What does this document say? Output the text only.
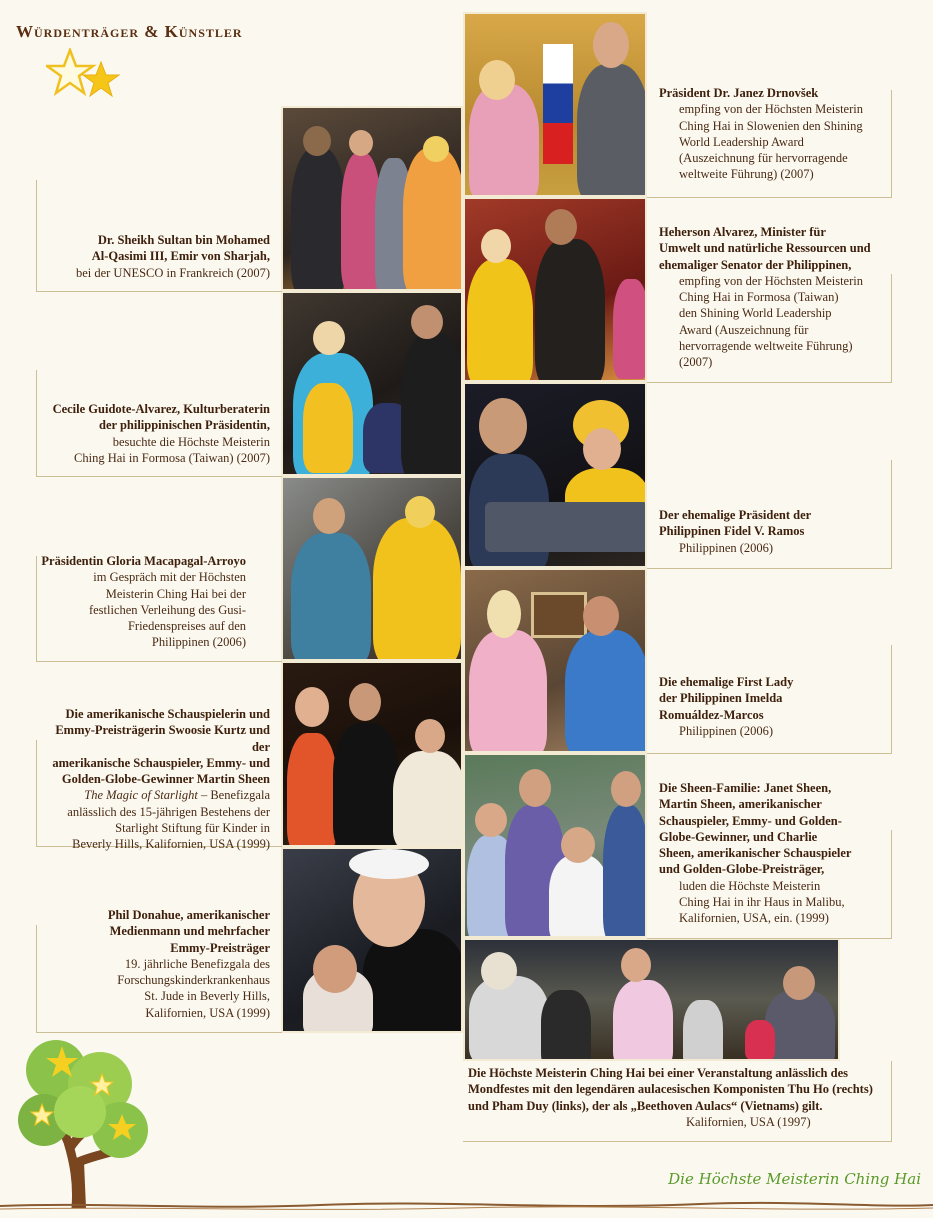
Würdenträger & Künstler
Dr. Sheikh Sultan bin Mohamed
Al-Qasimi III, Emir von Sharjah,
bei der UNESCO in Frankreich (2007)
Cecile Guidote-Alvarez, Kulturberaterin
der philippinischen Präsidentin,
besuchte die Höchste Meisterin
Ching Hai in Formosa (Taiwan) (2007)
Präsidentin Gloria Macapagal-Arroyo
im Gespräch mit der Höchsten
Meisterin Ching Hai bei der
festlichen Verleihung des Gusi-
Friedenspreises auf den
Philippinen (2006)
Die amerikanische Schauspielerin und
Emmy-Preisträgerin Swoosie Kurtz und der
amerikanische Schauspieler, Emmy- und
Golden-Globe-Gewinner Martin Sheen
The Magic of Starlight – Benefizgala
anlässlich des 15-jährigen Bestehens der
Starlight Stiftung für Kinder in
Beverly Hills, Kalifornien, USA (1999)
Phil Donahue, amerikanischer
Medienmann und mehrfacher
Emmy-Preisträger
19. jährliche Benefizgala des
Forschungskinderkrankenhaus
St. Jude in Beverly Hills,
Kalifornien, USA (1999)
Präsident Dr. Janez Drnovšek
empfing von der Höchsten Meisterin
Ching Hai in Slowenien den Shining
World Leadership Award
(Auszeichnung für hervorragende
weltweite Führung) (2007)
Heherson Alvarez, Minister für
Umwelt und natürliche Ressourcen und
ehemaliger Senator der Philippinen,
empfing von der Höchsten Meisterin
Ching Hai in Formosa (Taiwan)
den Shining World Leadership
Award (Auszeichnung für
hervorragende weltweite Führung)
(2007)
Der ehemalige Präsident der
Philippinen Fidel V. Ramos
Philippinen (2006)
Die ehemalige First Lady
der Philippinen Imelda
Romuáldez-Marcos
Philippinen (2006)
Die Sheen-Familie: Janet Sheen,
Martin Sheen, amerikanischer
Schauspieler, Emmy- und Golden-
Globe-Gewinner, und Charlie
Sheen, amerikanischer Schauspieler
und Golden-Globe-Preisträger,
luden die Höchste Meisterin
Ching Hai in ihr Haus in Malibu,
Kalifornien, USA, ein. (1999)
Die Höchste Meisterin Ching Hai bei einer Veranstaltung anlässlich des
Mondfestes mit den legendären aulacesischen Komponisten Thu Ho (rechts)
und Pham Duy (links), der als „Beethoven Aulacs“ (Vietnams) gilt.
Kalifornien, USA (1997)
Die Höchste Meisterin Ching Hai
